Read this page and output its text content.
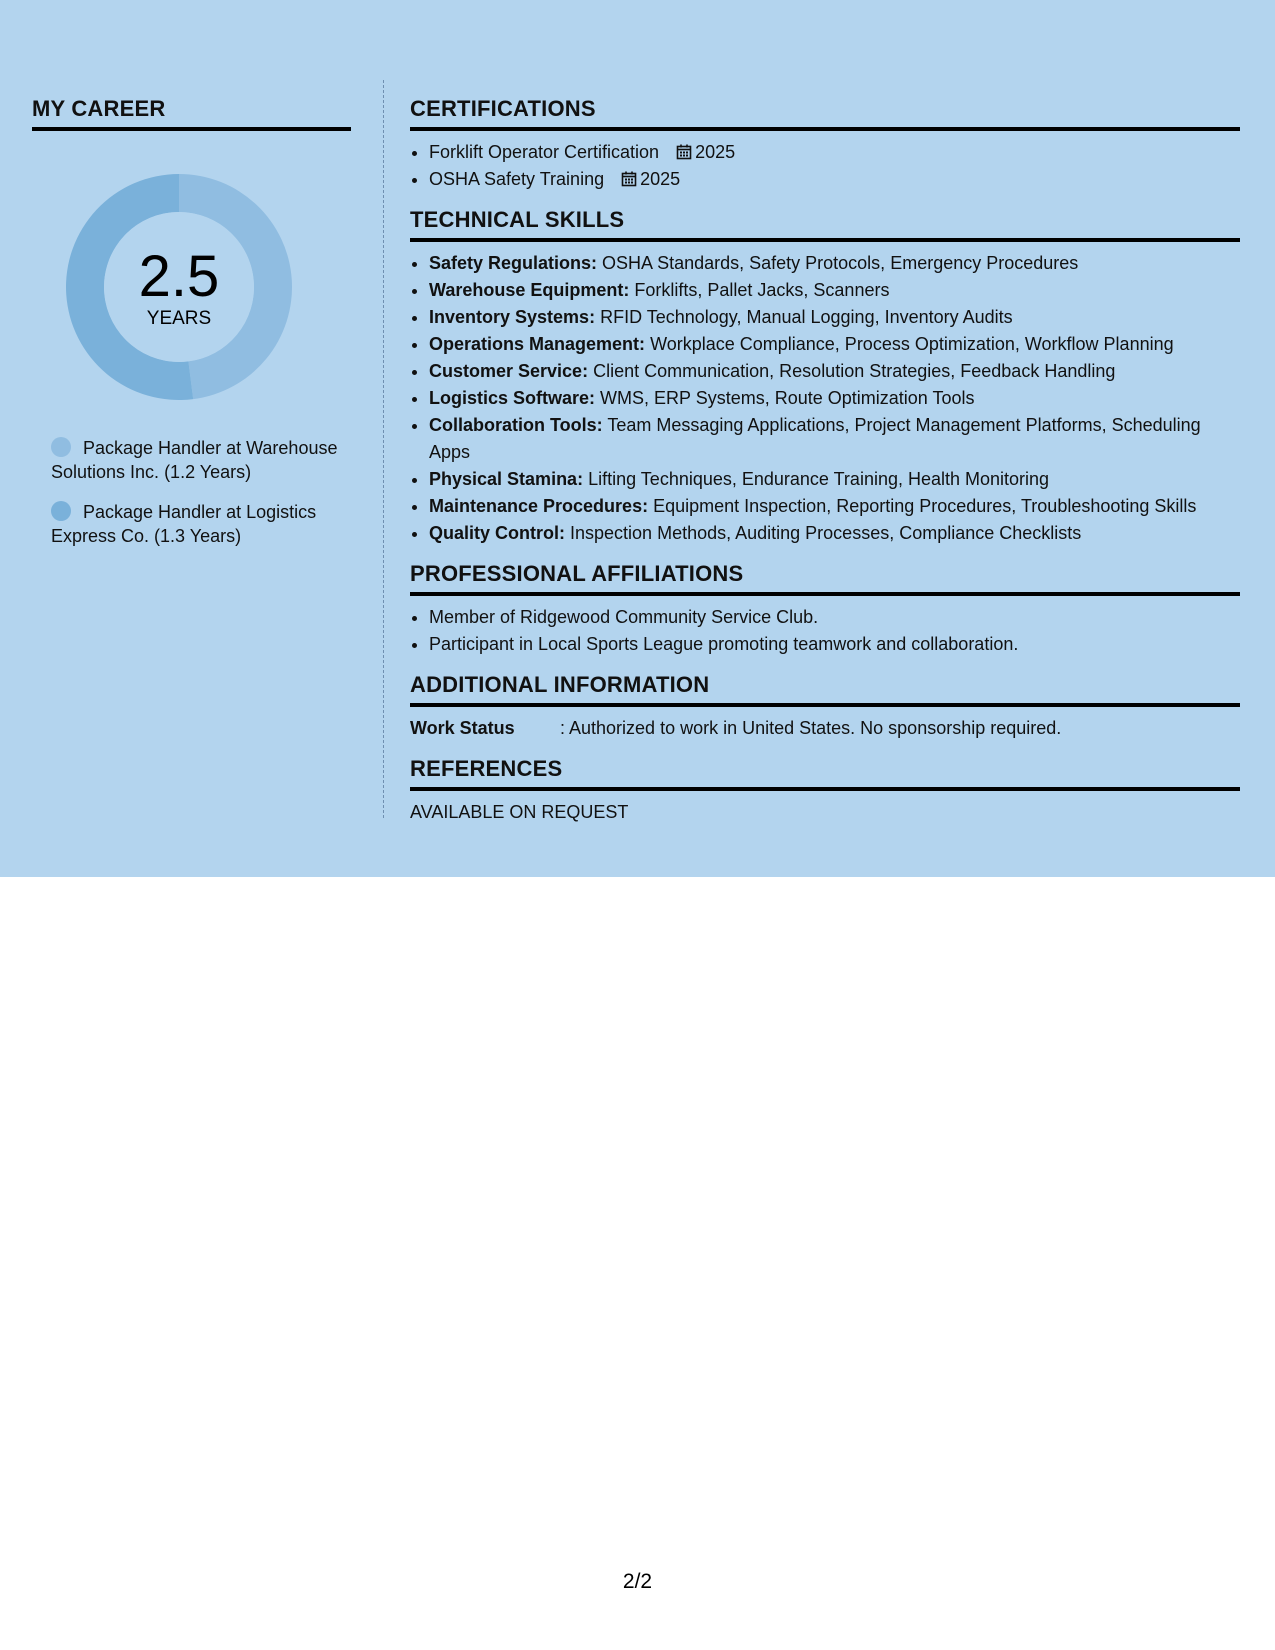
MY CAREER
2.5
YEARS
Package Handler at Warehouse Solutions Inc. (1.2 Years)
Package Handler at Logistics Express Co. (1.3 Years)
CERTIFICATIONS
• Forklift Operator Certification 2025
• OSHA Safety Training 2025
TECHNICAL SKILLS
• Safety Regulations: OSHA Standards, Safety Protocols, Emergency Procedures
• Warehouse Equipment: Forklifts, Pallet Jacks, Scanners
• Inventory Systems: RFID Technology, Manual Logging, Inventory Audits
• Operations Management: Workplace Compliance, Process Optimization, Workflow Planning
• Customer Service: Client Communication, Resolution Strategies, Feedback Handling
• Logistics Software: WMS, ERP Systems, Route Optimization Tools
• Collaboration Tools: Team Messaging Applications, Project Management Platforms, Scheduling Apps
• Physical Stamina: Lifting Techniques, Endurance Training, Health Monitoring
• Maintenance Procedures: Equipment Inspection, Reporting Procedures, Troubleshooting Skills
• Quality Control: Inspection Methods, Auditing Processes, Compliance Checklists
PROFESSIONAL AFFILIATIONS
• Member of Ridgewood Community Service Club.
• Participant in Local Sports League promoting teamwork and collaboration.
ADDITIONAL INFORMATION
Work Status	: Authorized to work in United States. No sponsorship required.
REFERENCES
AVAILABLE ON REQUEST
2/2
